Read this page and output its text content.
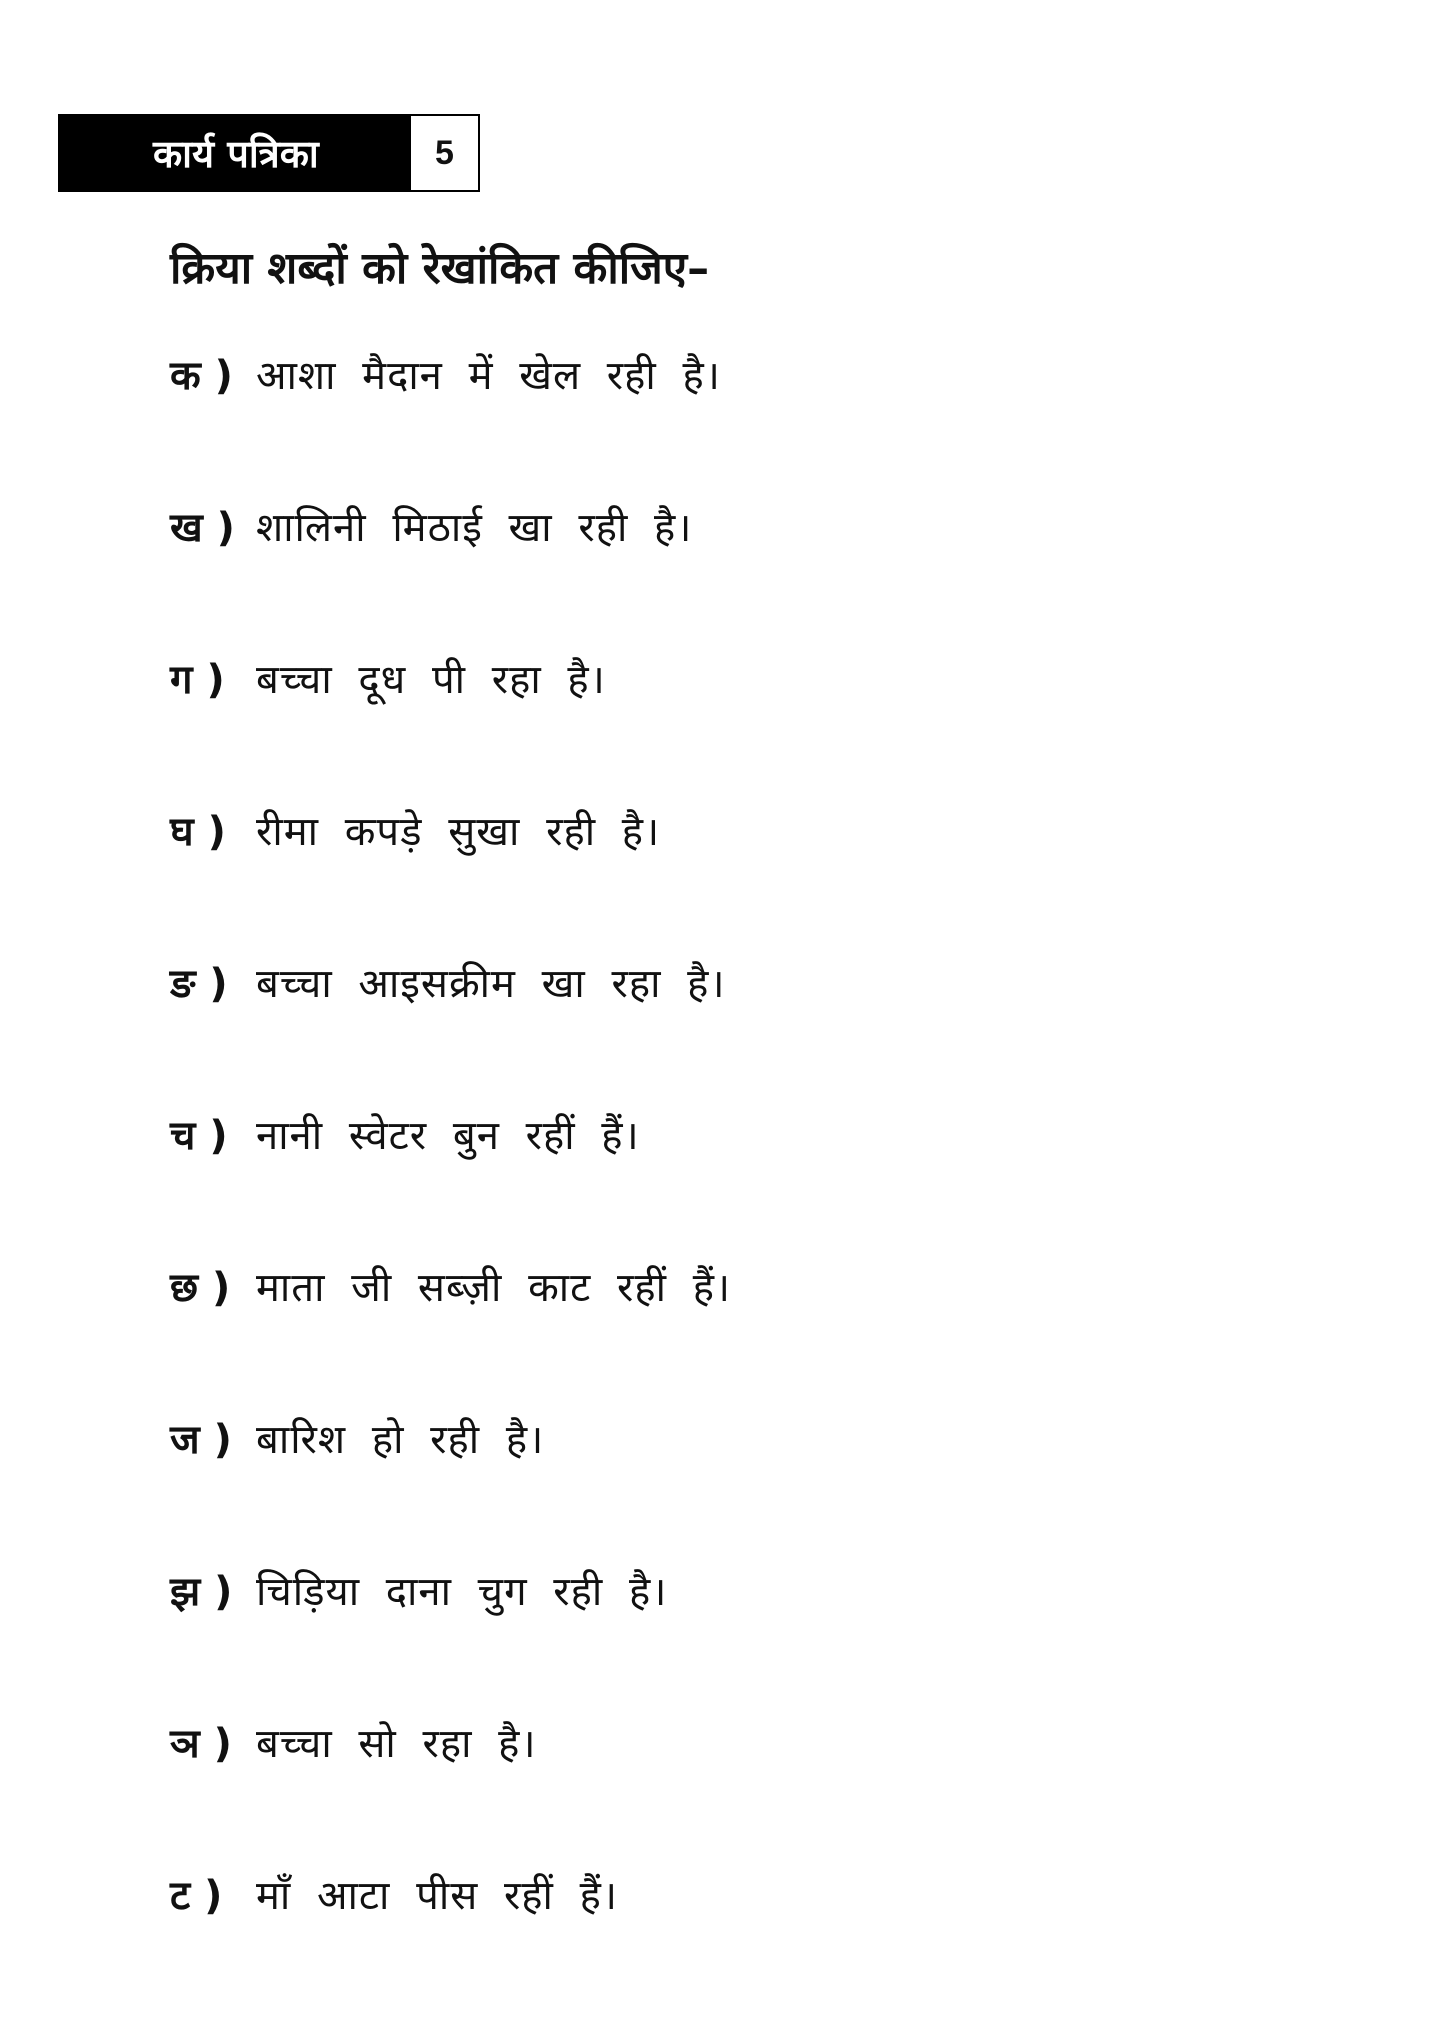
कार्य पत्रिका	5
क्रिया शब्दों को रेखांकित कीजिए–
क ) आशा मैदान में खेल रही है।
ख ) शालिनी मिठाई खा रही है।
ग ) बच्चा दूध पी रहा है।
घ ) रीमा कपड़े सुखा रही है।
ङ ) बच्चा आइसक्रीम खा रहा है।
च ) नानी स्वेटर बुन रहीं हैं।
छ ) माता जी सब्ज़ी काट रहीं हैं।
ज ) बारिश हो रही है।
झ ) चिड़िया दाना चुग रही है।
ञ ) बच्चा सो रहा है।
ट ) माँ आटा पीस रहीं हैं।
